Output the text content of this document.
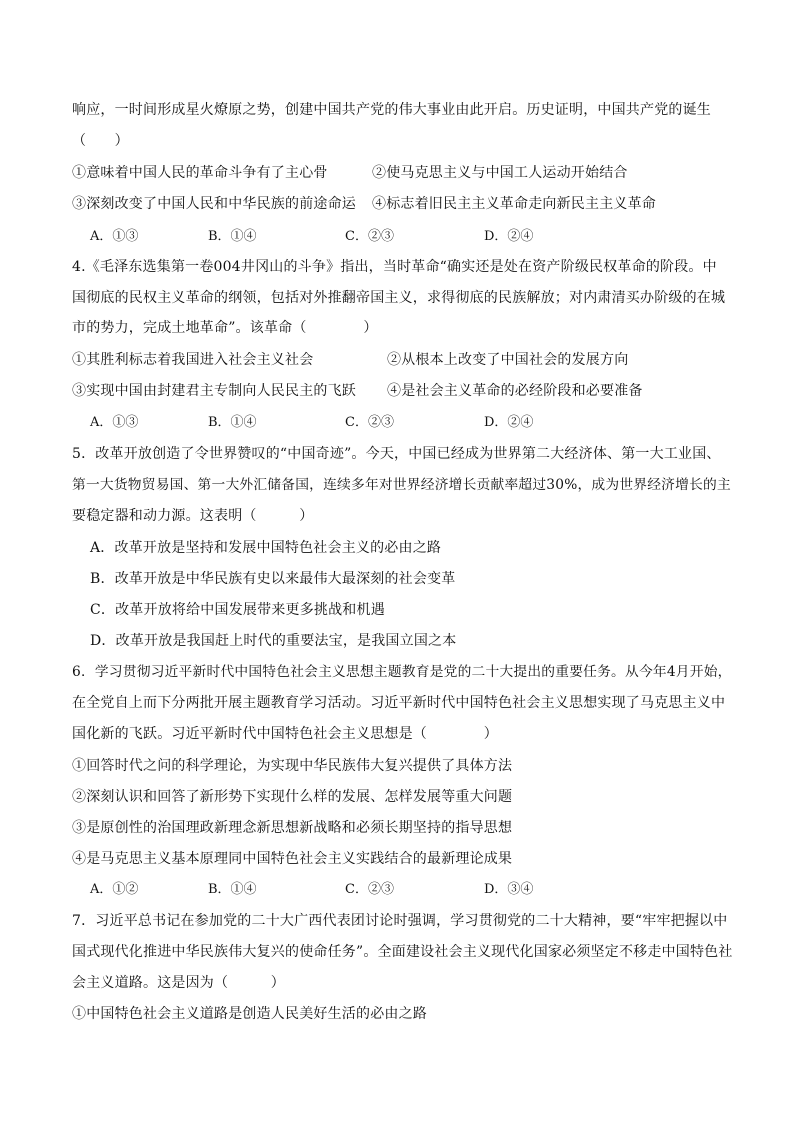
响应，一时间形成星火燎原之势，创建中国共产党的伟大事业由此开启。历史证明，中国共产党的诞生
（　　）
①意味着中国人民的革命斗争有了主心骨	②使马克思主义与中国工人运动开始结合
③深刻改变了中国人民和中华民族的前途命运 ④标志着旧民主主义革命走向新民主主义革命
A．①③	B．①④	C．②③	D．②④
4.《毛泽东选集第一卷004井冈山的斗争》指出，当时革命“确实还是处在资产阶级民权革命的阶段。中
国彻底的民权主义革命的纲领，包括对外推翻帝国主义，求得彻底的民族解放；对内肃清买办阶级的在城
市的势力，完成土地革命”。该革命（　　　　）
①其胜利标志着我国进入社会主义社会	②从根本上改变了中国社会的发展方向
③实现中国由封建君主专制向人民民主的飞跃 ④是社会主义革命的必经阶段和必要准备
A．①③	B．①④	C．②③	D．②④
5．改革开放创造了令世界赞叹的“中国奇迹”。今天，中国已经成为世界第二大经济体、第一大工业国、
第一大货物贸易国、第一大外汇储备国，连续多年对世界经济增长贡献率超过30%，成为世界经济增长的主
要稳定器和动力源。这表明（　　　）
A．改革开放是坚持和发展中国特色社会主义的必由之路
B．改革开放是中华民族有史以来最伟大最深刻的社会变革
C．改革开放将给中国发展带来更多挑战和机遇
D．改革开放是我国赶上时代的重要法宝，是我国立国之本
6．学习贯彻习近平新时代中国特色社会主义思想主题教育是党的二十大提出的重要任务。从今年4月开始，
在全党自上而下分两批开展主题教育学习活动。习近平新时代中国特色社会主义思想实现了马克思主义中
国化新的飞跃。习近平新时代中国特色社会主义思想是（　　　　）
①回答时代之问的科学理论，为实现中华民族伟大复兴提供了具体方法
②深刻认识和回答了新形势下实现什么样的发展、怎样发展等重大问题
③是原创性的治国理政新理念新思想新战略和必须长期坚持的指导思想
④是马克思主义基本原理同中国特色社会主义实践结合的最新理论成果
A．①②	B．①④	C．②③	D．③④
7．习近平总书记在参加党的二十大广西代表团讨论时强调，学习贯彻党的二十大精神，要“牢牢把握以中
国式现代化推进中华民族伟大复兴的使命任务”。全面建设社会主义现代化国家必须坚定不移走中国特色社
会主义道路。这是因为（　　　）
①中国特色社会主义道路是创造人民美好生活的必由之路
